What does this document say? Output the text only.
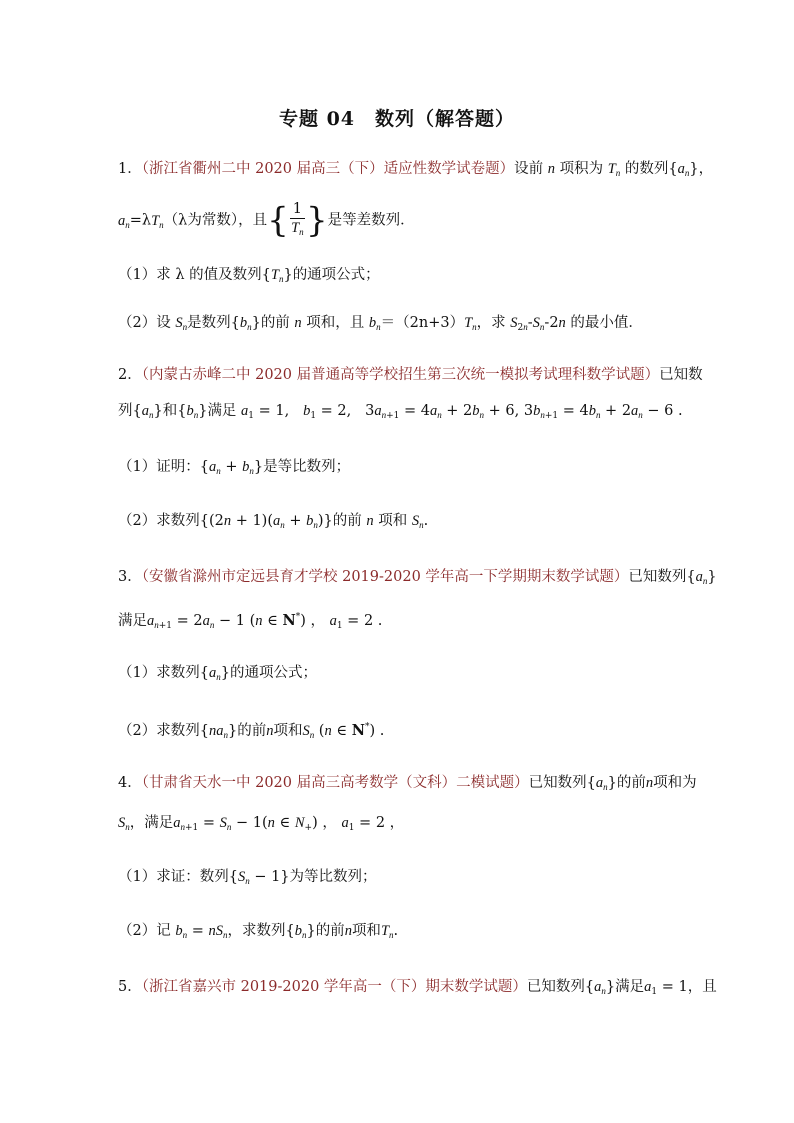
专题 04　数列（解答题）
1．（浙江省衢州二中 2020 届高三（下）适应性数学试卷题）设前 n 项积为 $T_n$ 的数列$\{a_n\}$，
$a_n=\lambda T_n(\lambda$为常数），且{ $\frac{1}{T_n}$ }是等差数列．
（1）求 λ 的值及数列$\{T_n\}$的通项公式；
（2）设 $S_n$是数列$\{b_n\}$的前 n 项和，且 $b_n=(2n+3)T_n$，求 $S_{2n}-S_n-2n$ 的最小值．
2．（内蒙古赤峰二中 2020 届普通高等学校招生第三次统一模拟考试理科数学试题）已知数
列$\{a_n\}$和$\{b_n\}$满足 $a_1 = 1$,   $b_1 = 2$,   $3a_{n+1} = 4a_n + 2b_n + 6$, $3b_{n+1} = 4b_n + 2a_n - 6$ .
（1）证明：$\{a_n + b_n\}$是等比数列；
（2）求数列$\{(2n + 1)(a_n + b_n)\}$的前 n 项和 $S_n$.
3．（安徽省滁州市定远县育才学校 2019-2020 学年高一下学期期末数学试题）已知数列$\{a_n\}$
满足$a_{n+1} = 2a_n - 1$ (n ∈ N*) ， $a_1 = 2$ .
（1）求数列$\{a_n\}$的通项公式；
（2）求数列$\{na_n\}$的前n项和$S_n$ (n ∈ N*) .
4．（甘肃省天水一中 2020 届高三高考数学（文科）二模试题）已知数列$\{a_n\}$的前n项和为
$S_n$，满足$a_{n+1} = S_n - 1(n$ ∈ $N_+$) ， $a_1 = 2$ ，
（1）求证：数列$\{S_n - 1\}$为等比数列；
（2）记 $b_n = nS_n$，求数列$\{b_n\}$的前n项和$T_n$.
5．（浙江省嘉兴市 2019-2020 学年高一（下）期末数学试题）已知数列$\{a_n\}$满足$a_1 = 1$，且
